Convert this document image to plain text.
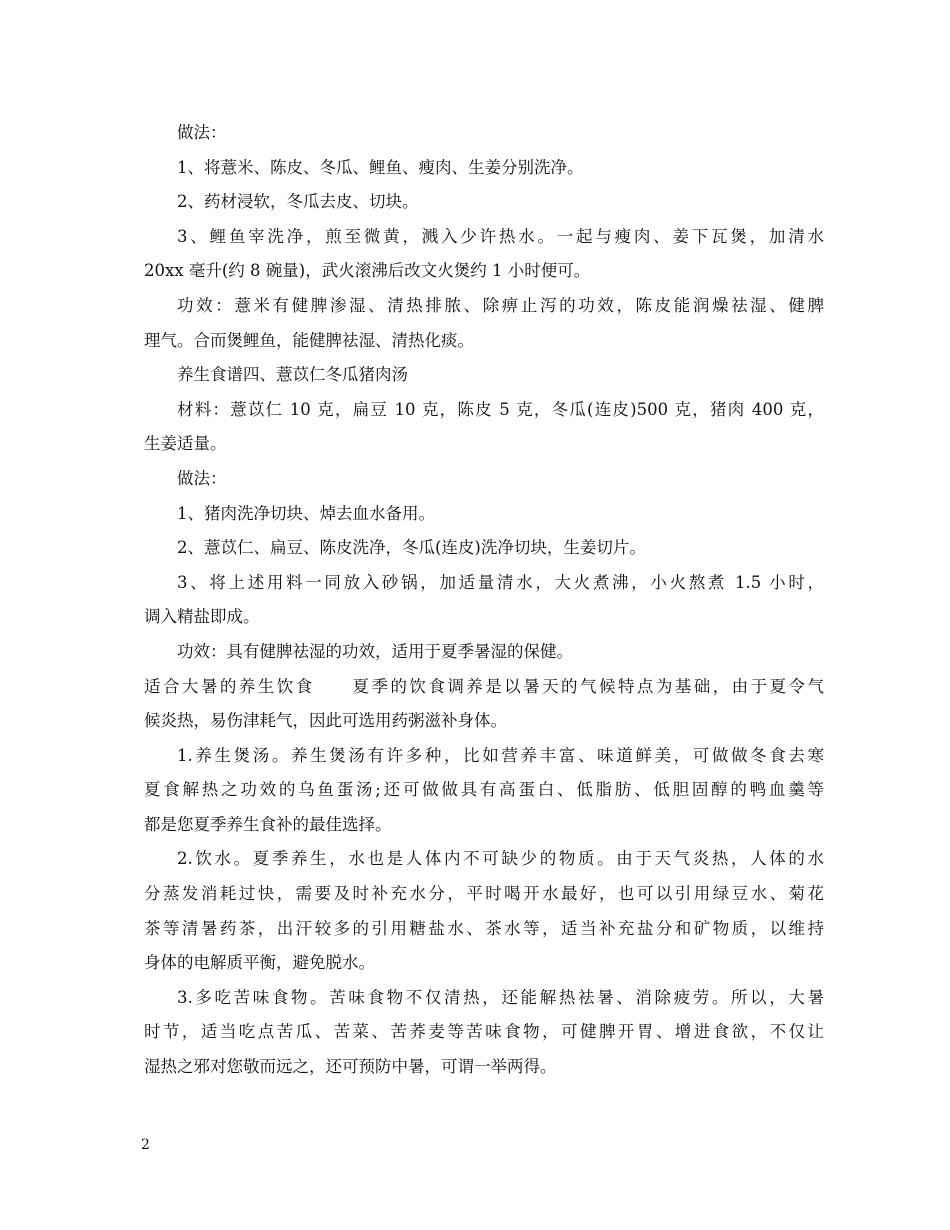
做法：
1、将薏米、陈皮、冬瓜、鲤鱼、瘦肉、生姜分别洗净。
2、药材浸软，冬瓜去皮、切块。
3、鲤鱼宰洗净，煎至微黄，溅入少许热水。一起与瘦肉、姜下瓦煲，加清水
20xx 毫升(约 8 碗量)，武火滚沸后改文火煲约 1 小时便可。
功效：薏米有健脾渗湿、清热排脓、除痹止泻的功效，陈皮能润燥祛湿、健脾
理气。合而煲鲤鱼，能健脾祛湿、清热化痰。
养生食谱四、薏苡仁冬瓜猪肉汤
材料：薏苡仁 10 克，扁豆 10 克，陈皮 5 克，冬瓜(连皮)500 克，猪肉 400 克，
生姜适量。
做法：
1、猪肉洗净切块、焯去血水备用。
2、薏苡仁、扁豆、陈皮洗净，冬瓜(连皮)洗净切块，生姜切片。
3、将上述用料一同放入砂锅，加适量清水，大火煮沸，小火熬煮 1.5 小时，
调入精盐即成。
功效：具有健脾祛湿的功效，适用于夏季暑湿的保健。
适合大暑的养生饮食　　夏季的饮食调养是以暑天的气候特点为基础，由于夏令气
候炎热，易伤津耗气，因此可选用药粥滋补身体。
1.养生煲汤。养生煲汤有许多种，比如营养丰富、味道鲜美，可做做冬食去寒
夏食解热之功效的乌鱼蛋汤;还可做做具有高蛋白、低脂肪、低胆固醇的鸭血羹等
都是您夏季养生食补的最佳选择。
2.饮水。夏季养生，水也是人体内不可缺少的物质。由于天气炎热，人体的水
分蒸发消耗过快，需要及时补充水分，平时喝开水最好，也可以引用绿豆水、菊花
茶等清暑药茶，出汗较多的引用糖盐水、茶水等，适当补充盐分和矿物质，以维持
身体的电解质平衡，避免脱水。
3.多吃苦味食物。苦味食物不仅清热，还能解热祛暑、消除疲劳。所以，大暑
时节，适当吃点苦瓜、苦菜、苦荞麦等苦味食物，可健脾开胃、增进食欲，不仅让
湿热之邪对您敬而远之，还可预防中暑，可谓一举两得。
2
